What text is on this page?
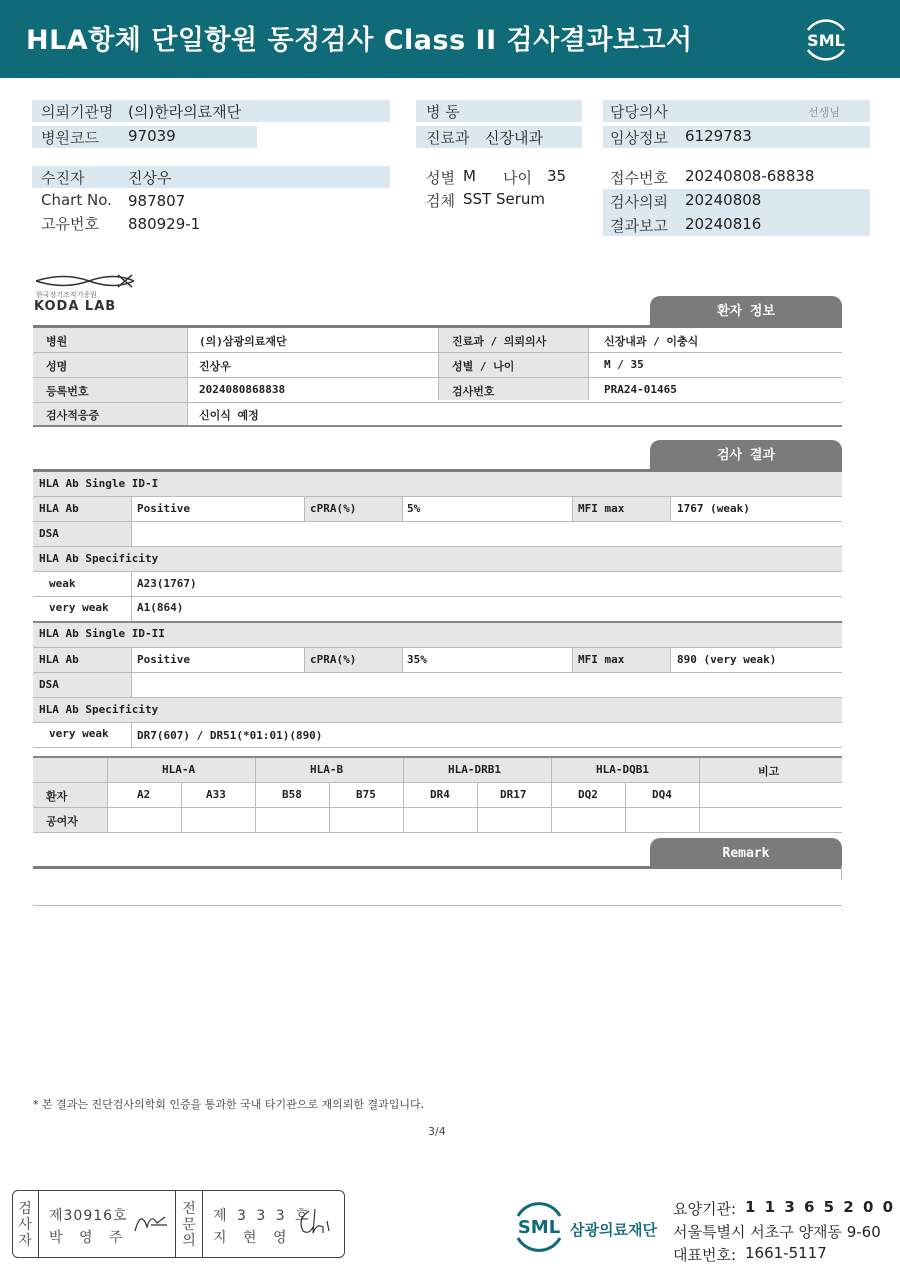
HLA항체 단일항원 동정검사 Class II 검사결과보고서	SML
의뢰기관명 (의)한라의료재단
병원코드 97039
병 동
진료과 신장내과
담당의사	선생님
임상정보 6129783
수진자	진상우
Chart No. 987807
고유번호 880929-1
성별 M 나이 35
검체 SST Serum
접수번호 20240808-68838
검사의뢰 20240808
결과보고 20240816
한국장기조직기증원
KODA LAB	환자 정보
병원	(의)삼광의료재단	진료과 / 의뢰의사	신장내과 / 이충식
성명	진상우	성별 / 나이	M / 35
등록번호	2024080868838	검사번호	PRA24-01465
검사적응증	신이식 예정
검사 결과
HLA Ab Single ID-I
HLA Ab	Positive	cPRA(%)	5%	MFI max	1767 (weak)
DSA
HLA Ab Specificity
weak	A23(1767)
very weak	A1(864)
HLA Ab Single ID-II
HLA Ab	Positive	cPRA(%)	35%	MFI max	890 (very weak)
DSA
HLA Ab Specificity
very weak	DR7(607) / DR51(*01:01)(890)
HLA-A	HLA-B	HLA-DRB1	HLA-DQB1	비고
환자	A2	A33	B58	B75	DR4	DR17	DQ2	DQ4
공여자
Remark
* 본 결과는 진단검사의학회 인증을 통과한 국내 타기관으로 재의뢰한 결과입니다.
3/4
검
사
자
제30916호
박 영 주
전
문
의
제 3 3 3 호
지 현 영	SML 삼광의료재단
요양기관: 1 1 3 6 5 2 0 0
서울특별시 서초구 양재동 9-60
대표번호: 1661-5117
